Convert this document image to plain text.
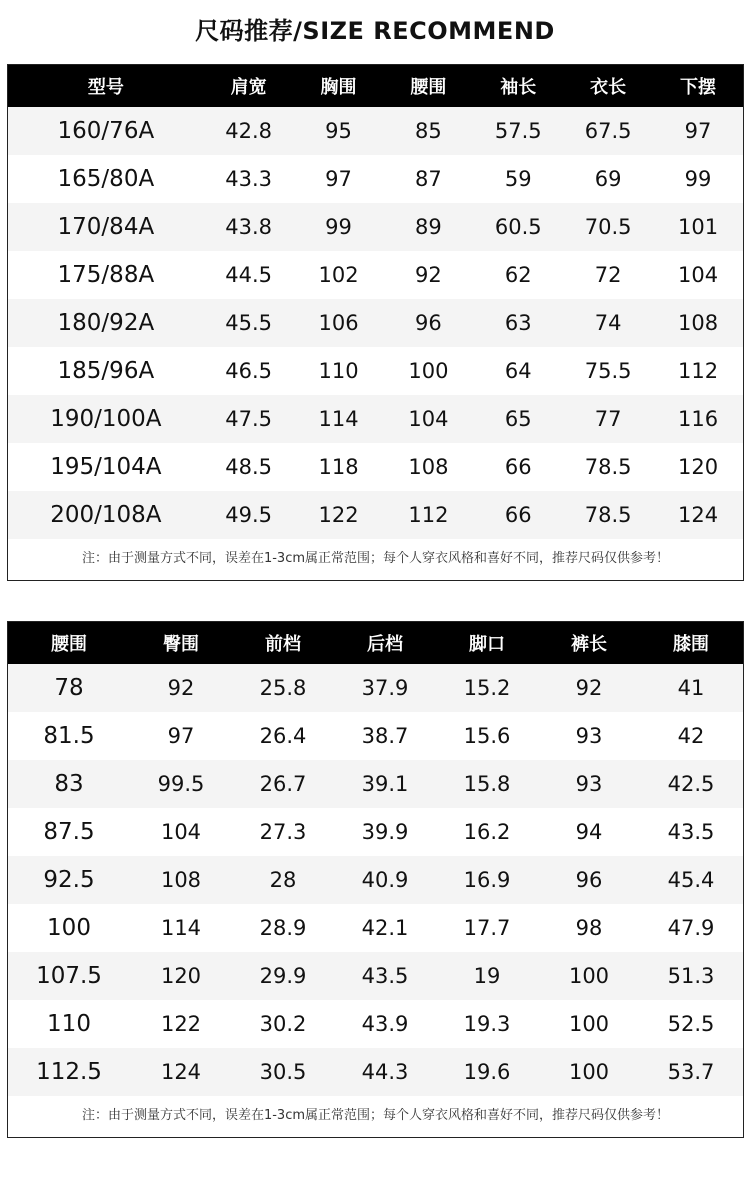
尺码推荐/SIZE RECOMMEND
型号	肩宽	胸围	腰围	袖长	衣长	下摆
160/76A	42.8	95	85	57.5	67.5	97
165/80A	43.3	97	87	59	69	99
170/84A	43.8	99	89	60.5	70.5	101
175/88A	44.5	102	92	62	72	104
180/92A	45.5	106	96	63	74	108
185/96A	46.5	110	100	64	75.5	112
190/100A	47.5	114	104	65	77	116
195/104A	48.5	118	108	66	78.5	120
200/108A	49.5	122	112	66	78.5	124
注：由于测量方式不同，误差在1-3cm属正常范围；每个人穿衣风格和喜好不同，推荐尺码仅供参考！
腰围	臀围	前档	后档	脚口	裤长	膝围
78	92	25.8	37.9	15.2	92	41
81.5	97	26.4	38.7	15.6	93	42
83	99.5	26.7	39.1	15.8	93	42.5
87.5	104	27.3	39.9	16.2	94	43.5
92.5	108	28	40.9	16.9	96	45.4
100	114	28.9	42.1	17.7	98	47.9
107.5	120	29.9	43.5	19	100	51.3
110	122	30.2	43.9	19.3	100	52.5
112.5	124	30.5	44.3	19.6	100	53.7
注：由于测量方式不同，误差在1-3cm属正常范围；每个人穿衣风格和喜好不同，推荐尺码仅供参考！
